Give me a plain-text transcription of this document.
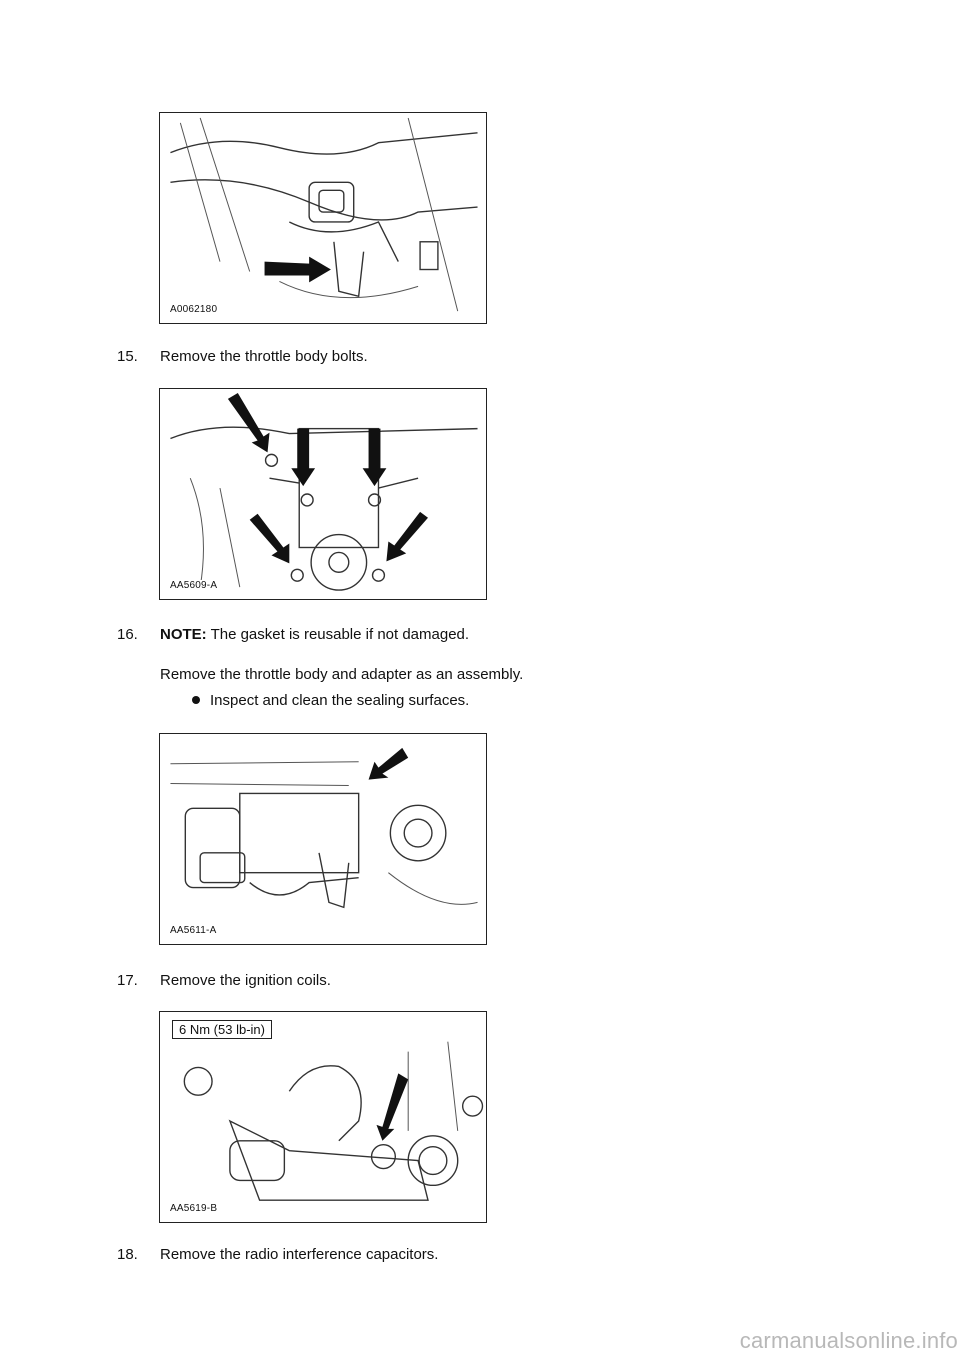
A0062180
15. Remove the throttle body bolts.
AA5609-A
16. NOTE: The gasket is reusable if not damaged.
Remove the throttle body and adapter as an assembly.
Inspect and clean the sealing surfaces.
AA5611-A
17. Remove the ignition coils.
6 Nm (53 lb-in)
AA5619-B
18. Remove the radio interference capacitors.
carmanualsonline.info
